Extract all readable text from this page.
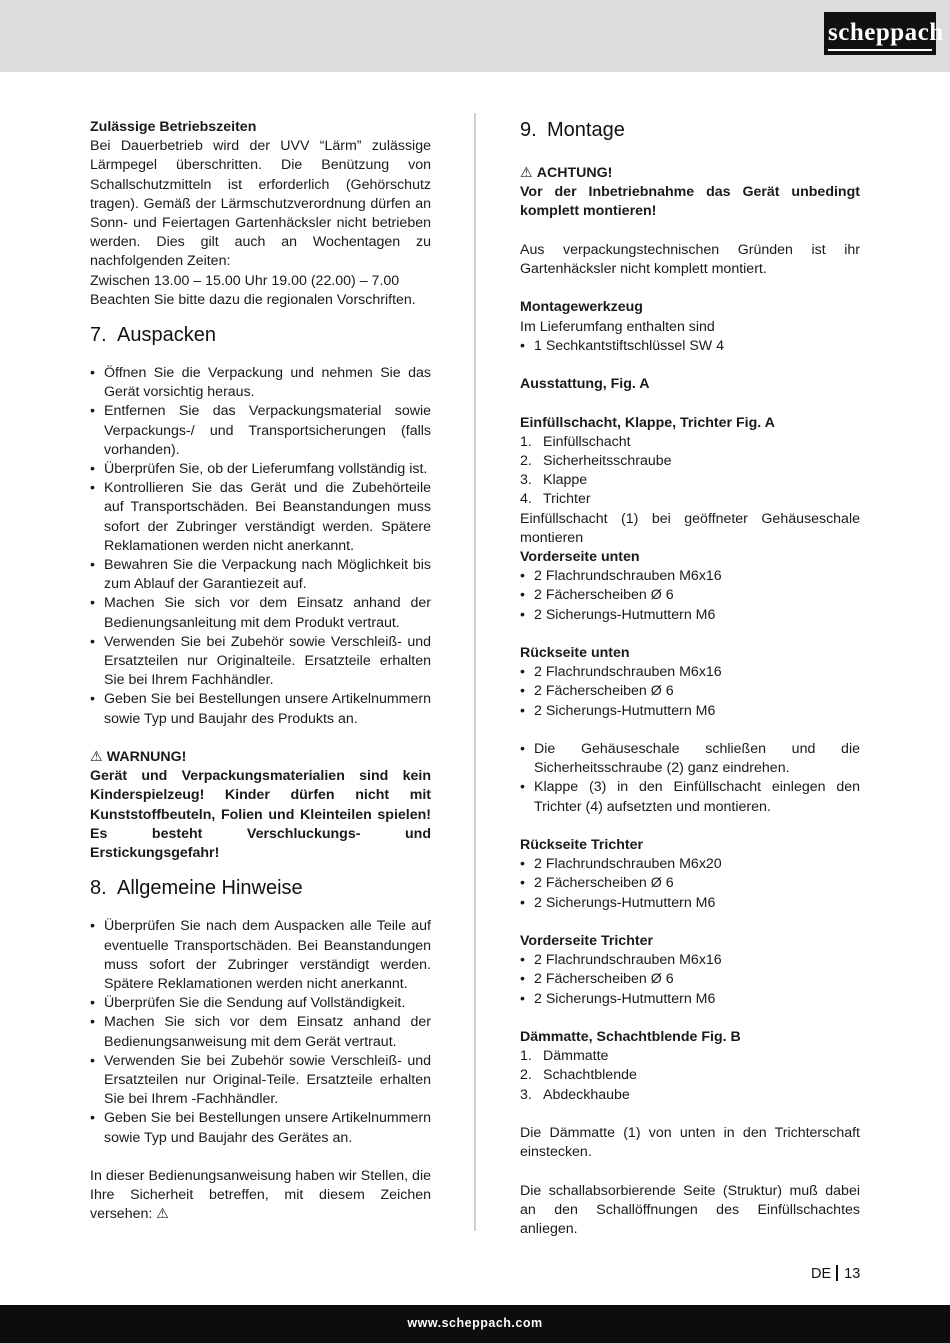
scheppach
Zulässige Betriebszeiten
Bei Dauerbetrieb wird der UVV “Lärm” zulässige Lärmpegel überschritten. Die Benützung von Schallschutzmitteln ist erforderlich (Gehörschutz tragen). Gemäß der Lärmschutzverordnung dürfen an Sonn- und Feiertagen Gartenhäcksler nicht betrieben werden. Dies gilt auch an Wochentagen zu nachfolgenden Zeiten:
Zwischen 13.00 – 15.00 Uhr 19.00 (22.00) – 7.00
Beachten Sie bitte dazu die regionalen Vorschriften.
7. Auspacken
• Öffnen Sie die Verpackung und nehmen Sie das Gerät vorsichtig heraus.
• Entfernen Sie das Verpackungsmaterial sowie Verpackungs-/ und Transportsicherungen (falls vorhanden).
• Überprüfen Sie, ob der Lieferumfang vollständig ist.
• Kontrollieren Sie das Gerät und die Zubehörteile auf Transportschäden. Bei Beanstandungen muss sofort der Zubringer verständigt werden. Spätere Reklamationen werden nicht anerkannt.
• Bewahren Sie die Verpackung nach Möglichkeit bis zum Ablauf der Garantiezeit auf.
• Machen Sie sich vor dem Einsatz anhand der Bedienungsanleitung mit dem Produkt vertraut.
• Verwenden Sie bei Zubehör sowie Verschleiß- und Ersatzteilen nur Originalteile. Ersatzteile erhalten Sie bei Ihrem Fachhändler.
• Geben Sie bei Bestellungen unsere Artikelnummern sowie Typ und Baujahr des Produkts an.
⚠ WARNUNG!
Gerät und Verpackungsmaterialien sind kein Kinderspielzeug! Kinder dürfen nicht mit Kunststoffbeuteln, Folien und Kleinteilen spielen! Es besteht Verschluckungs- und Erstickungsgefahr!
8. Allgemeine Hinweise
• Überprüfen Sie nach dem Auspacken alle Teile auf eventuelle Transportschäden. Bei Beanstandungen muss sofort der Zubringer verständigt werden. Spätere Reklamationen werden nicht anerkannt.
• Überprüfen Sie die Sendung auf Vollständigkeit.
• Machen Sie sich vor dem Einsatz anhand der Bedienungsanweisung mit dem Gerät vertraut.
• Verwenden Sie bei Zubehör sowie Verschleiß- und Ersatzteilen nur Original-Teile. Ersatzteile erhalten Sie bei Ihrem -Fachhändler.
• Geben Sie bei Bestellungen unsere Artikelnummern sowie Typ und Baujahr des Gerätes an.
In dieser Bedienungsanweisung haben wir Stellen, die Ihre Sicherheit betreffen, mit diesem Zeichen versehen: ⚠
9. Montage
⚠ ACHTUNG!
Vor der Inbetriebnahme das Gerät unbedingt komplett montieren!
Aus verpackungstechnischen Gründen ist ihr Gartenhäcksler nicht komplett montiert.
Montagewerkzeug
Im Lieferumfang enthalten sind
• 1 Sechkantstiftschlüssel SW 4
Ausstattung, Fig. A
Einfüllschacht, Klappe, Trichter Fig. A
1. Einfüllschacht
2. Sicherheitsschraube
3. Klappe
4. Trichter
Einfüllschacht (1) bei geöffneter Gehäuseschale montieren
Vorderseite unten
• 2 Flachrundschrauben M6x16
• 2 Fächerscheiben Ø 6
• 2 Sicherungs-Hutmuttern M6
Rückseite unten
• 2 Flachrundschrauben M6x16
• 2 Fächerscheiben Ø 6
• 2 Sicherungs-Hutmuttern M6
• Die Gehäuseschale schließen und die Sicherheitsschraube (2) ganz eindrehen.
• Klappe (3) in den Einfüllschacht einlegen den Trichter (4) aufsetzten und montieren.
Rückseite Trichter
• 2 Flachrundschrauben M6x20
• 2 Fächerscheiben Ø 6
• 2 Sicherungs-Hutmuttern M6
Vorderseite Trichter
• 2 Flachrundschrauben M6x16
• 2 Fächerscheiben Ø 6
• 2 Sicherungs-Hutmuttern M6
Dämmatte, Schachtblende Fig. B
1. Dämmatte
2. Schachtblende
3. Abdeckhaube
Die Dämmatte (1) von unten in den Trichterschaft einstecken.
Die schallabsorbierende Seite (Struktur) muß dabei an den Schallöffnungen des Einfüllschachtes anliegen.
DE 13
www.scheppach.com
